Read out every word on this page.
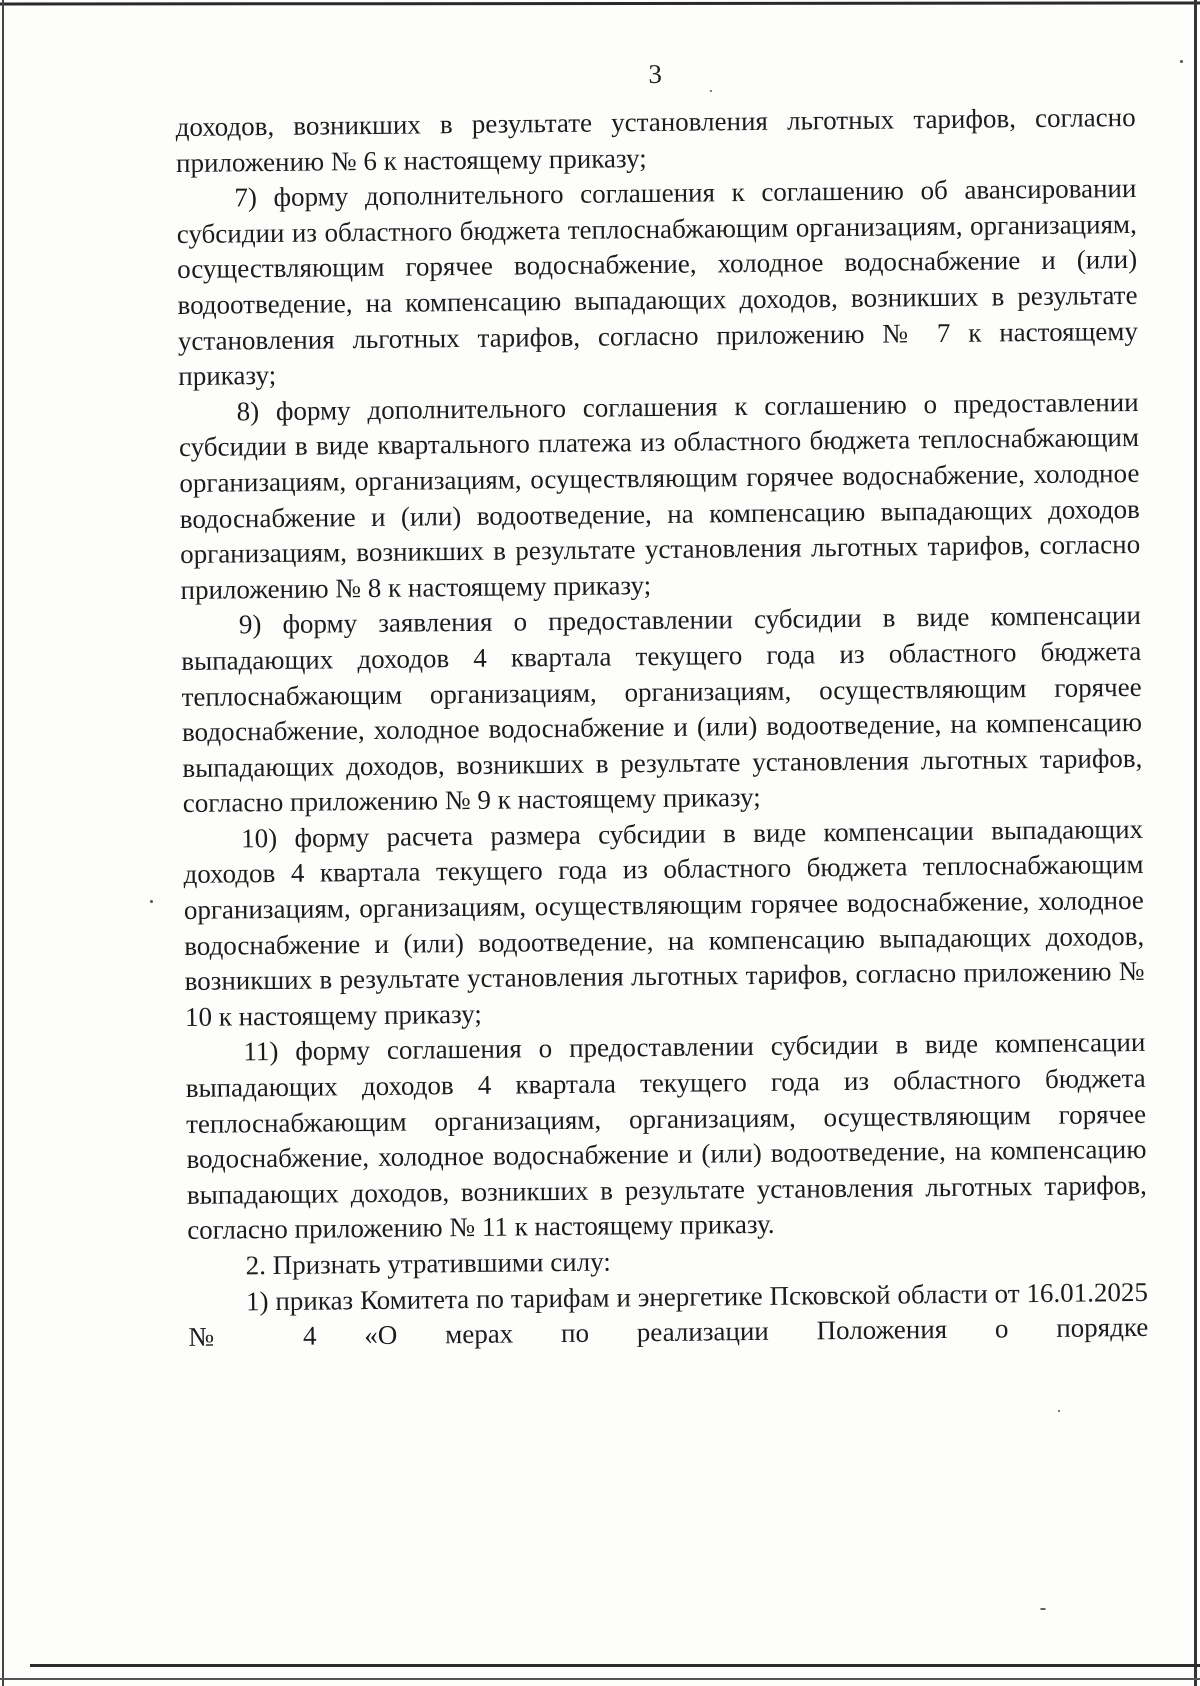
3

доходов, возникших в результате установления льготных тарифов, согласно приложению № 6 к настоящему приказу;

7) форму дополнительного соглашения к соглашению об авансировании субсидии из областного бюджета теплоснабжающим организациям, организациям, осуществляющим горячее водоснабжение, холодное водоснабжение и (или) водоотведение, на компенсацию выпадающих доходов, возникших в результате установления льготных тарифов, согласно приложению № 7 к настоящему приказу;

8) форму дополнительного соглашения к соглашению о предоставлении субсидии в виде квартального платежа из областного бюджета теплоснабжающим организациям, организациям, осуществляющим горячее водоснабжение, холодное водоснабжение и (или) водоотведение, на компенсацию выпадающих доходов организациям, возникших в результате установления льготных тарифов, согласно приложению № 8 к настоящему приказу;

9) форму заявления о предоставлении субсидии в виде компенсации выпадающих доходов 4 квартала текущего года из областного бюджета теплоснабжающим организациям, организациям, осуществляющим горячее водоснабжение, холодное водоснабжение и (или) водоотведение, на компенсацию выпадающих доходов, возникших в результате установления льготных тарифов, согласно приложению № 9 к настоящему приказу;

10) форму расчета размера субсидии в виде компенсации выпадающих доходов 4 квартала текущего года из областного бюджета теплоснабжающим организациям, организациям, осуществляющим горячее водоснабжение, холодное водоснабжение и (или) водоотведение, на компенсацию выпадающих доходов, возникших в результате установления льготных тарифов, согласно приложению № 10 к настоящему приказу;

11) форму соглашения о предоставлении субсидии в виде компенсации выпадающих доходов 4 квартала текущего года из областного бюджета теплоснабжающим организациям, организациям, осуществляющим горячее водоснабжение, холодное водоснабжение и (или) водоотведение, на компенсацию выпадающих доходов, возникших в результате установления льготных тарифов, согласно приложению № 11 к настоящему приказу.

2. Признать утратившими силу:

1) приказ Комитета по тарифам и энергетике Псковской области от 16.01.2025 № 4 «О мерах по реализации Положения о порядке
